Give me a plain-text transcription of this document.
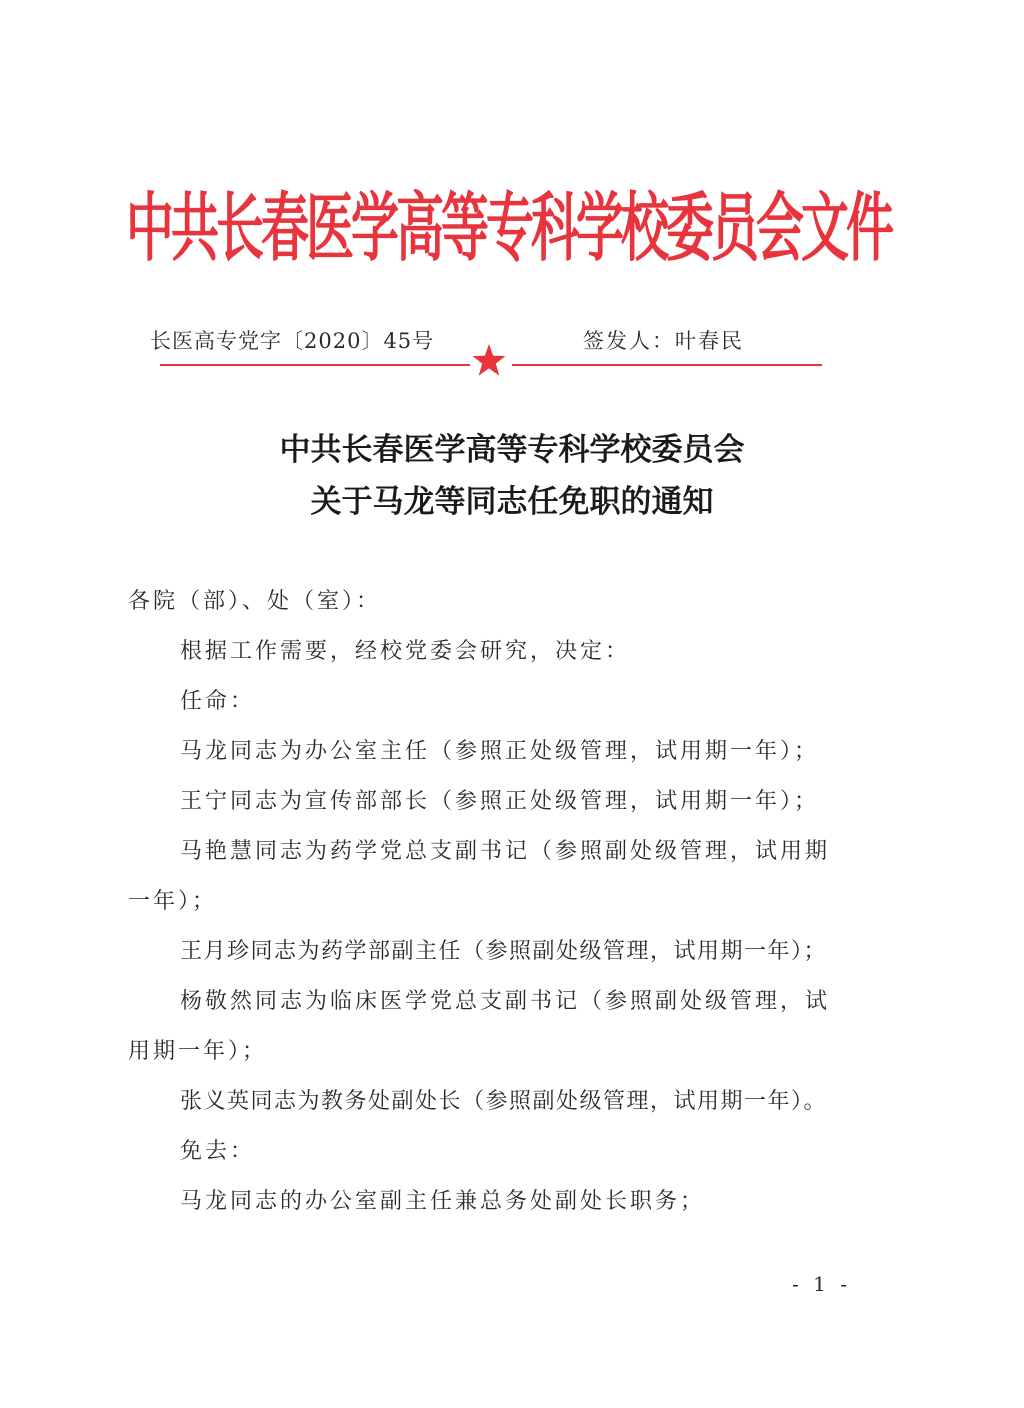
中共长春医学高等专科学校委员会文件
长医高专党字〔2020〕45号	签发人：叶春民
中共长春医学高等专科学校委员会
关于马龙等同志任免职的通知
各院（部）、处（室）：
根据工作需要，经校党委会研究，决定：
任命：
马龙同志为办公室主任（参照正处级管理，试用期一年）；
王宁同志为宣传部部长（参照正处级管理，试用期一年）；
马艳慧同志为药学党总支副书记（参照副处级管理，试用期
一年）；
王月珍同志为药学部副主任（参照副处级管理，试用期一年）；
杨敬然同志为临床医学党总支副书记（参照副处级管理，试
用期一年）；
张义英同志为教务处副处长（参照副处级管理，试用期一年）。
免去：
马龙同志的办公室副主任兼总务处副处长职务；
- 1 -
